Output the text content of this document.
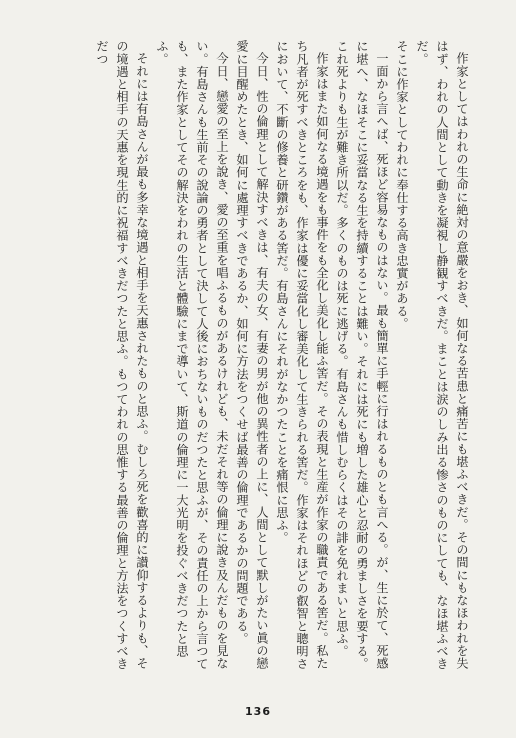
作家としてはわれの生命に絶対の意嚴をおき、如何なる苦患と痛苦にも堪ふべきだ。その間にもなほわれを失はず、われの人間として動きを凝視し静観すべきだ。まことは涙のしみ出る惨さのものにしても、なほ堪ふべきだ。

そこに作家としてわれに奉仕する高き忠實がある。

一面から言へば、死ほど容易なものはない。最も簡單に手輕に行はれるものとも言へる。が、生に於て、死感に堪へ、なほそこに妥當なる生を持續することは難い。それには死にも増した雄心と忍耐の勇ましさを要する。これ死よりも生が難き所以だ。多くのものは死に逃げる。有島さんも惜しむらくはその誹を免れまいと思ふ。

作家はまた如何なる境遇をも事件をも全化し美化し能ふ筈だ。その表現と生産が作家の職責である筈だ。私たち凡者が死すべきところをも、作家は優に妥當化し審美化して生きられる筈だ。作家はそれほどの叡智と聰明さにおいて、不斷の修養と研鑽がある筈だ。有島さんにそれがなかつたことを痛恨に思ふ。

今日、性の倫理として解決すべきは、有夫の女、有妻の男が他の異性者の上に、人間として默しがたい眞の戀愛に目醒めたとき、如何に處理すべきであるか、如何に方法をつくせば最善の倫理であるかの問題である。

今日、戀愛の至上を說き、愛の至重を唱ふるものがあるけれども、未だそれ等の倫理に說き及んだものを見ない。有島さんも生前その說論の勇者として決して人後におちないものだつたと思ふが、その責任の上から言つても、また作家としてその解決をわれの生活と體驗にまで導いて、斯道の倫理に一大光明を投ぐべきだつたと思ふ。

それには有島さんが最も多幸な境遇と相手を天惠されたものと思ふ。むしろ死を歡喜的に讃仰するよりも、その境遇と相手の天惠を現生的に祝福すべきだつたと思ふ。もつてわれの思惟する最善の倫理と方法をつくすべきだつ

136
